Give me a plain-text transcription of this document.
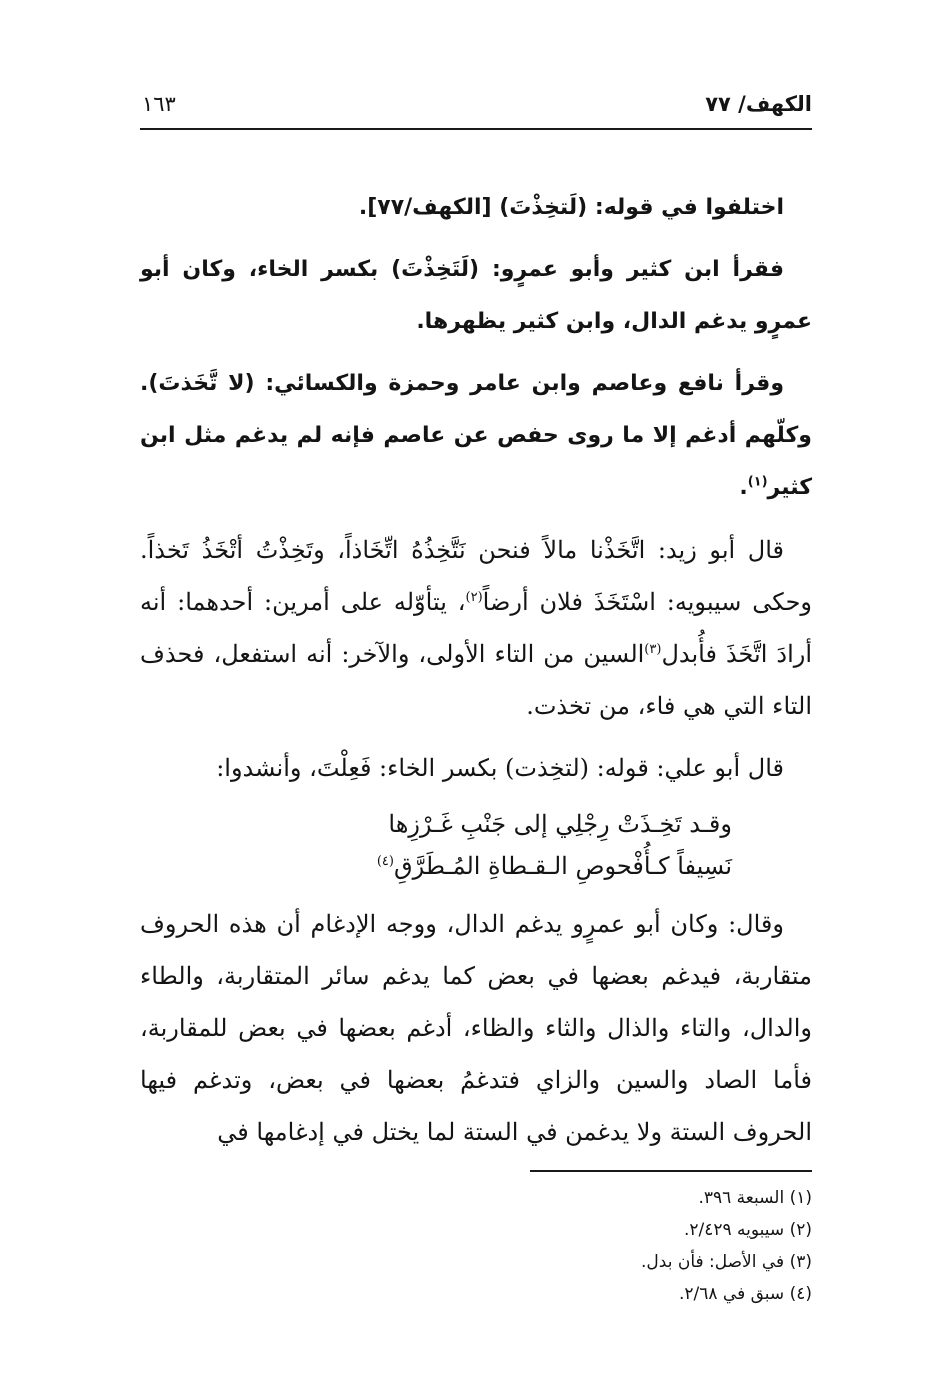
الكهف/ ٧٧
١٦٣

اختلفوا في قوله: (لَتخِذْتَ) [الكهف/٧٧].

فقرأ ابن كثير وأبو عمرٍو: (لَتَخِذْتَ) بكسر الخاء، وكان أبو عمرٍو يدغم الدال، وابن كثير يظهرها.

وقرأ نافع وعاصم وابن عامر وحمزة والكسائي: (لا تَّخَذتَ). وكلّهم أدغم إلا ما روى حفص عن عاصم فإنه لم يدغم مثل ابن كثير$^{(١)}$.

قال أبو زيد: اتَّخَذْنا مالاً فنحن نَتَّخِذُهُ اتِّخَاذاً، وتَخِذْتُ أتْخَذُ تَخذاً. وحكى سيبويه: اسْتَخَذَ فلان أرضاً$^{(٢)}$، يتأوّله على أمرين: أحدهما: أنه أرادَ اتَّخَذَ فأُبدل$^{(٣)}$السين من التاء الأولى، والآخر: أنه استفعل، فحذف التاء التي هي فاء، من تخذت.

قال أبو علي: قوله: (لتخِذت) بكسر الخاء: فَعِلْتَ، وأنشدوا:

وقـد تَخِـذَتْ رِجْلِي إلى جَنْبِ غَـرْزِها
نَسِيفاً كـأُفْحوصِ الـقـطاةِ المُـطَرَّقِ$^{(٤)}$

وقال: وكان أبو عمرٍو يدغم الدال، ووجه الإدغام أن هذه الحروف متقاربة، فيدغم بعضها في بعض كما يدغم سائر المتقاربة، والطاء والدال، والتاء والذال والثاء والظاء، أدغم بعضها في بعض للمقاربة، فأما الصاد والسين والزاي فتدغمُ بعضها في بعض، وتدغم فيها الحروف الستة ولا يدغمن في الستة لما يختل في إدغامها في

(١) السبعة ٣٩٦.
(٢) سيبويه ٢/٤٢٩.
(٣) في الأصل: فأن بدل.
(٤) سبق في ٢/٦٨.
